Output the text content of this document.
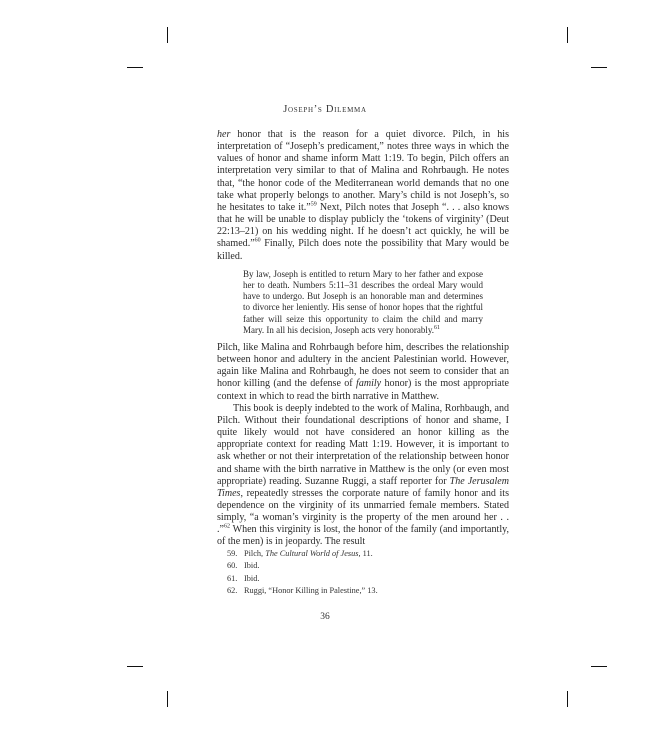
Joseph’s Dilemma

her honor that is the reason for a quiet divorce. Pilch, in his interpretation of “Joseph’s predicament,” notes three ways in which the values of honor and shame inform Matt 1:19. To begin, Pilch offers an interpretation very similar to that of Malina and Rohrbaugh. He notes that, “the honor code of the Mediterranean world demands that no one take what properly belongs to another. Mary’s child is not Joseph’s, so he hesitates to take it.”$^{59}$ Next, Pilch notes that Joseph “. . . also knows that he will be unable to display publicly the ‘tokens of virginity’ (Deut 22:13–21) on his wedding night. If he doesn’t act quickly, he will be shamed.”$^{60}$ Finally, Pilch does note the possibility that Mary would be killed.

By law, Joseph is entitled to return Mary to her father and expose her to death. Numbers 5:11–31 describes the ordeal Mary would have to undergo. But Joseph is an honorable man and determines to divorce her leniently. His sense of honor hopes that the rightful father will seize this opportunity to claim the child and marry Mary. In all his decision, Joseph acts very honorably.$^{61}$

Pilch, like Malina and Rohrbaugh before him, describes the relationship between honor and adultery in the ancient Palestinian world. However, again like Malina and Rohrbaugh, he does not seem to consider that an honor killing (and the defense of family honor) is the most appropriate context in which to read the birth narrative in Matthew.

This book is deeply indebted to the work of Malina, Rorhbaugh, and Pilch. Without their foundational descriptions of honor and shame, I quite likely would not have considered an honor killing as the appropriate context for reading Matt 1:19. However, it is important to ask whether or not their interpretation of the relationship between honor and shame with the birth narrative in Matthew is the only (or even most appropriate) reading. Suzanne Ruggi, a staff reporter for The Jerusalem Times, repeatedly stresses the corporate nature of family honor and its dependence on the virginity of its unmarried female members. Stated simply, “a woman’s virginity is the property of the men around her . . .”$^{62}$ When this virginity is lost, the honor of the family (and importantly, of the men) is in jeopardy. The result

59. Pilch, The Cultural World of Jesus, 11.
60. Ibid.
61. Ibid.
62. Ruggi, “Honor Killing in Palestine,” 13.
36
